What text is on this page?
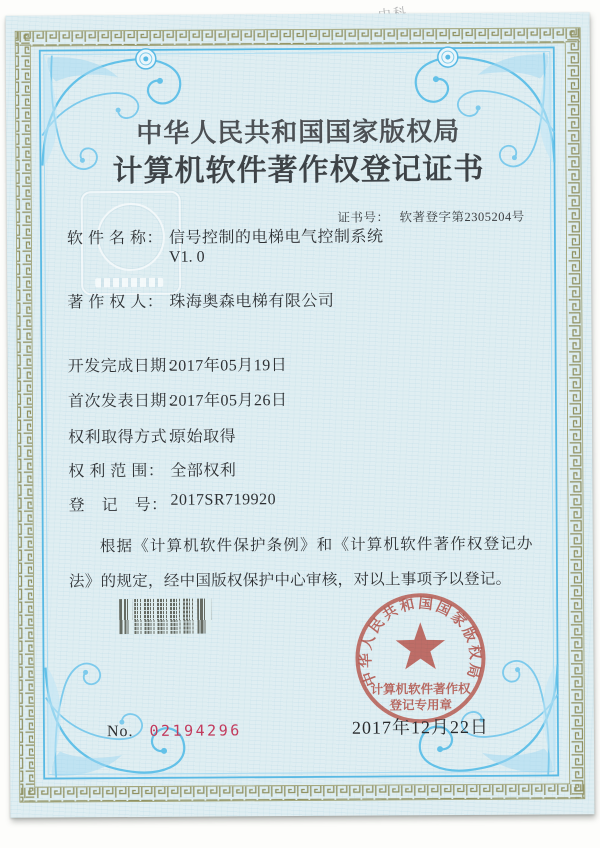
中华人民共和国国家版权局
计算机软件著作权登记证书

证书号： 软著登字第2305204号

软 件 名 称： 信号控制的电梯电气控制系统
V1. 0
著 作 权 人： 珠海奥森电梯有限公司
开发完成日期：
2017年05月19日
首次发表日期：
2017年05月26日
权利取得方式：
原始取得
权 利 范 围： 全部权利
登　记　号： 2017SR719920

根据《计算机软件保护条例》和《计算机软件著作权登记办法》的规定，经中国版权保护中心审核，对以上事项予以登记。

中华人民共和国国家版权局
计算机软件著作权
登记专用章
2017年12月22日
No. 02194296
